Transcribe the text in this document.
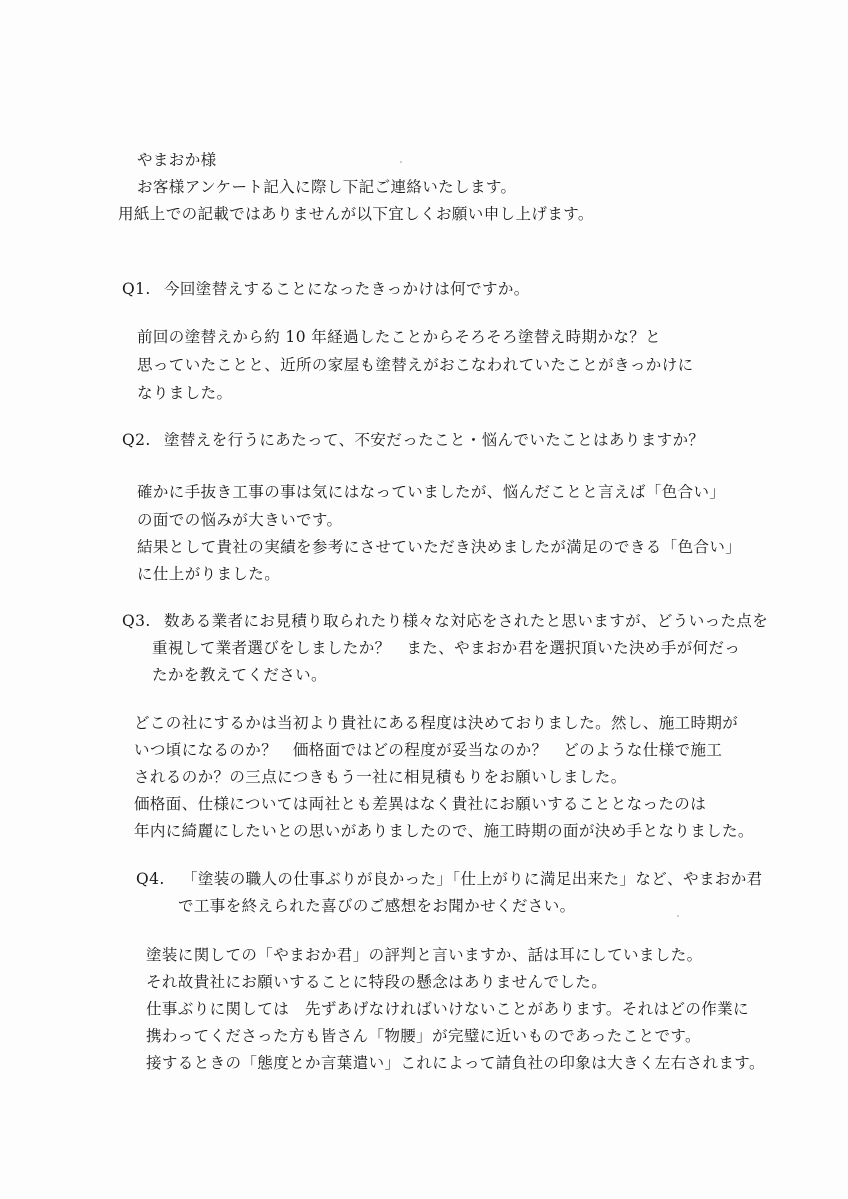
やまおか様
お客様アンケート記入に際し下記ご連絡いたします。
用紙上での記載ではありませんが以下宜しくお願い申し上げます。
Q1. 今回塗替えすることになったきっかけは何ですか。
前回の塗替えから約 10 年経過したことからそろそろ塗替え時期かな？と
思っていたことと、近所の家屋も塗替えがおこなわれていたことがきっかけに
なりました。
Q2. 塗替えを行うにあたって、不安だったこと・悩んでいたことはありますか？
確かに手抜き工事の事は気にはなっていましたが、悩んだことと言えば「色合い」
の面での悩みが大きいです。
結果として貴社の実績を参考にさせていただき決めましたが満足のできる「色合い」
に仕上がりました。
Q3. 数ある業者にお見積り取られたり様々な対応をされたと思いますが、どういった点を
重視して業者選びをしましたか？　また、やまおか君を選択頂いた決め手が何だっ
たかを教えてください。
どこの社にするかは当初より貴社にある程度は決めておりました。然し、施工時期が
いつ頃になるのか？　価格面ではどの程度が妥当なのか？　どのような仕様で施工
されるのか？の三点につきもう一社に相見積もりをお願いしました。
価格面、仕様については両社とも差異はなく貴社にお願いすることとなったのは
年内に綺麗にしたいとの思いがありましたので、施工時期の面が決め手となりました。
Q4. 「塗装の職人の仕事ぶりが良かった」「仕上がりに満足出来た」など、やまおか君
で工事を終えられた喜びのご感想をお聞かせください。
塗装に関しての「やまおか君」の評判と言いますか、話は耳にしていました。
それ故貴社にお願いすることに特段の懸念はありませんでした。
仕事ぶりに関しては　先ずあげなければいけないことがあります。それはどの作業に
携わってくださった方も皆さん「物腰」が完璧に近いものであったことです。
接するときの「態度とか言葉遣い」これによって請負社の印象は大きく左右されます。
